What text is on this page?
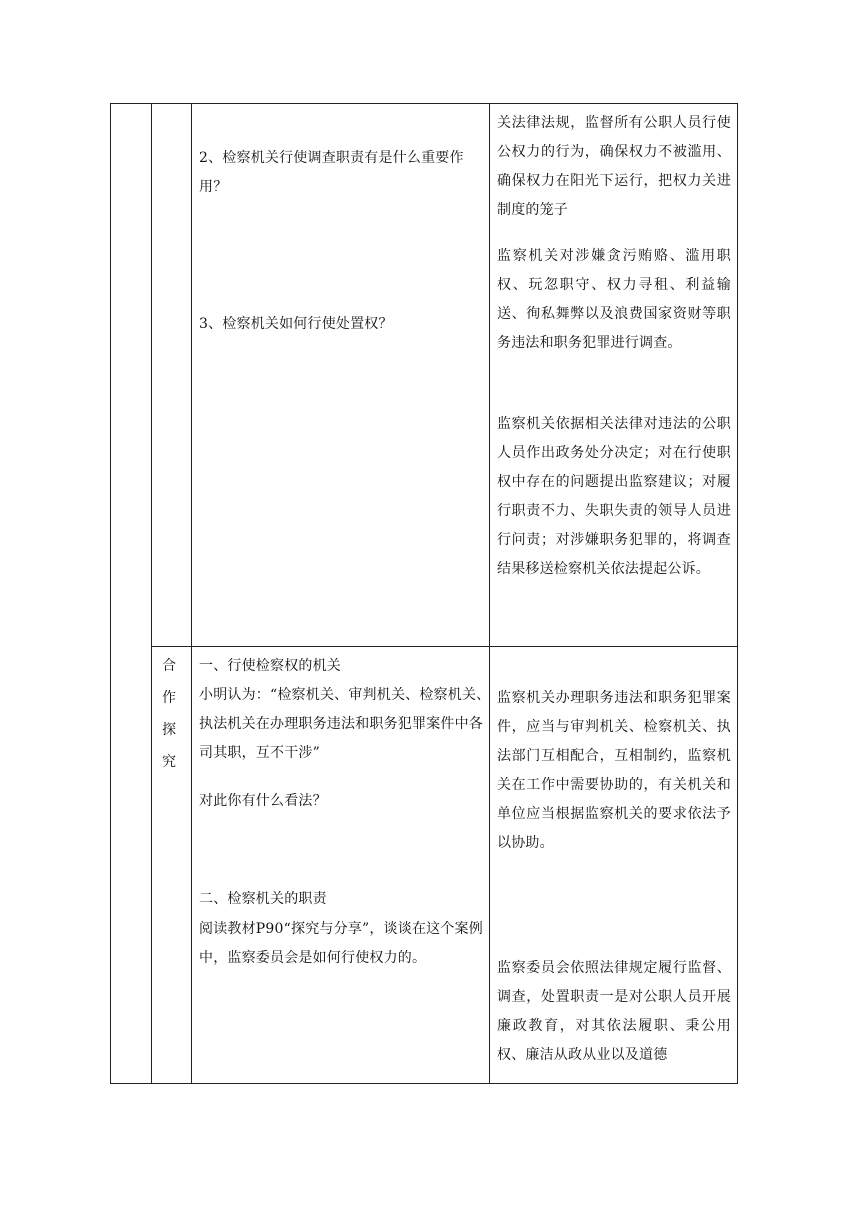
2、检察机关行使调查职责有是什么重要作用？

3、检察机关如何行使处置权？

关法律法规，监督所有公职人员行使公权力的行为，确保权力不被滥用、确保权力在阳光下运行，把权力关进制度的笼子

监察机关对涉嫌贪污贿赂、滥用职权、玩忽职守、权力寻租、利益输送、徇私舞弊以及浪费国家资财等职务违法和职务犯罪进行调查。

监察机关依据相关法律对违法的公职人员作出政务处分决定；对在行使职权中存在的问题提出监察建议；对履行职责不力、失职失责的领导人员进行问责；对涉嫌职务犯罪的，将调查结果移送检察机关依法提起公诉。

合
作
探
究

一、行使检察权的机关

小明认为：“检察机关、审判机关、检察机关、执法机关在办理职务违法和职务犯罪案件中各司其职，互不干涉”

对此你有什么看法？

二、检察机关的职责

阅读教材P90“探究与分享”，谈谈在这个案例中，监察委员会是如何行使权力的。

监察机关办理职务违法和职务犯罪案件，应当与审判机关、检察机关、执法部门互相配合，互相制约，监察机关在工作中需要协助的，有关机关和单位应当根据监察机关的要求依法予以协助。

监察委员会依照法律规定履行监督、调查，处置职责一是对公职人员开展廉政教育，对其依法履职、秉公用权、廉洁从政从业以及道德
